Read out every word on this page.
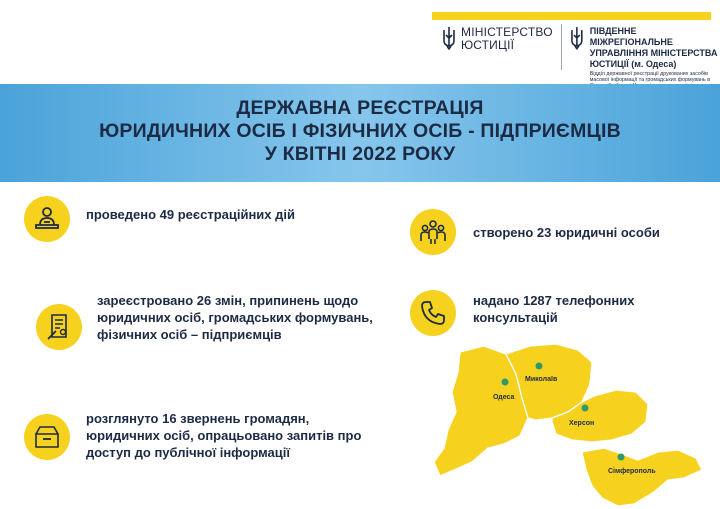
МІНІСТЕРСТВО
ЮСТИЦІЇ
ПІВДЕННЕ МІЖРЕГІОНАЛЬНЕ
УПРАВЛІННЯ МІНІСТЕРСТВА
ЮСТИЦІЇ (м. Одеса)
Відділ державної реєстрації друкованих засобів масової інформації та громадських формувань в
ДЕРЖАВНА РЕЄСТРАЦІЯ
ЮРИДИЧНИХ ОСІБ І ФІЗИЧНИХ ОСІБ - ПІДПРИЄМЦІВ
У КВІТНІ 2022 РОКУ
проведено 49 реєстраційних дій
створено 23 юридичні особи
зареєстровано 26 змін, припинень щодо юридичних осіб, громадських формувань, фізичних осіб – підприємців
надано 1287 телефонних консультацій
розглянуто 16 звернень громадян, юридичних осіб, опрацьовано запитів про доступ до публічної інформації
Одеса
Миколаїв
Херсон
Сімферополь
